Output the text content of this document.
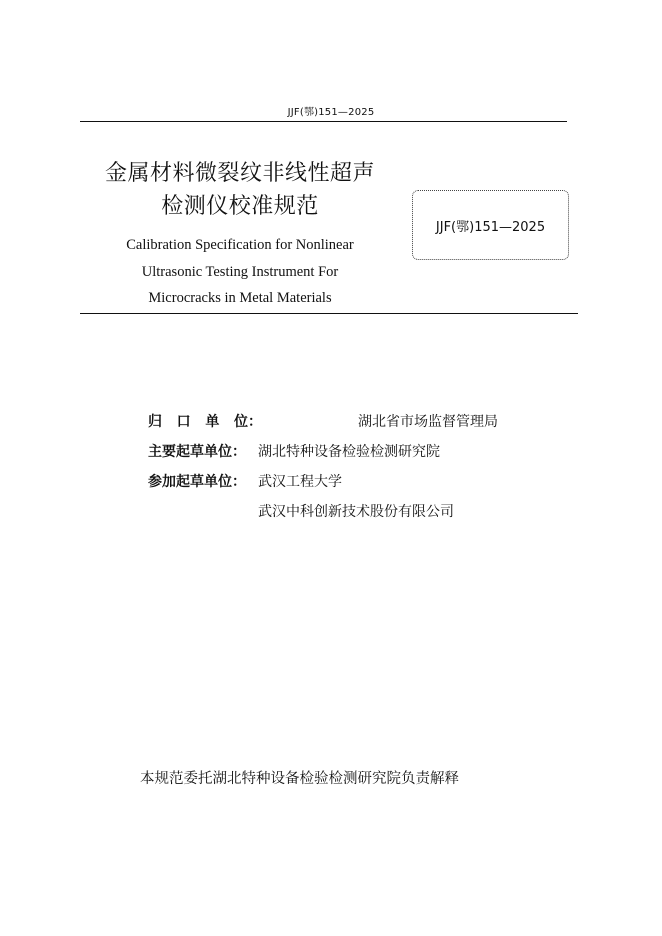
JJF(鄂)151—2025
金属材料微裂纹非线性超声
检测仪校准规范
Calibration Specification for Nonlinear
Ultrasonic Testing Instrument For
Microcracks in Metal Materials
JJF(鄂)151—2025
归 口 单 位 ：	湖北省市场监督管理局
主要起草单位： 湖北特种设备检验检测研究院
参加起草单位： 武汉工程大学
武汉中科创新技术股份有限公司
本规范委托湖北特种设备检验检测研究院负责解释
